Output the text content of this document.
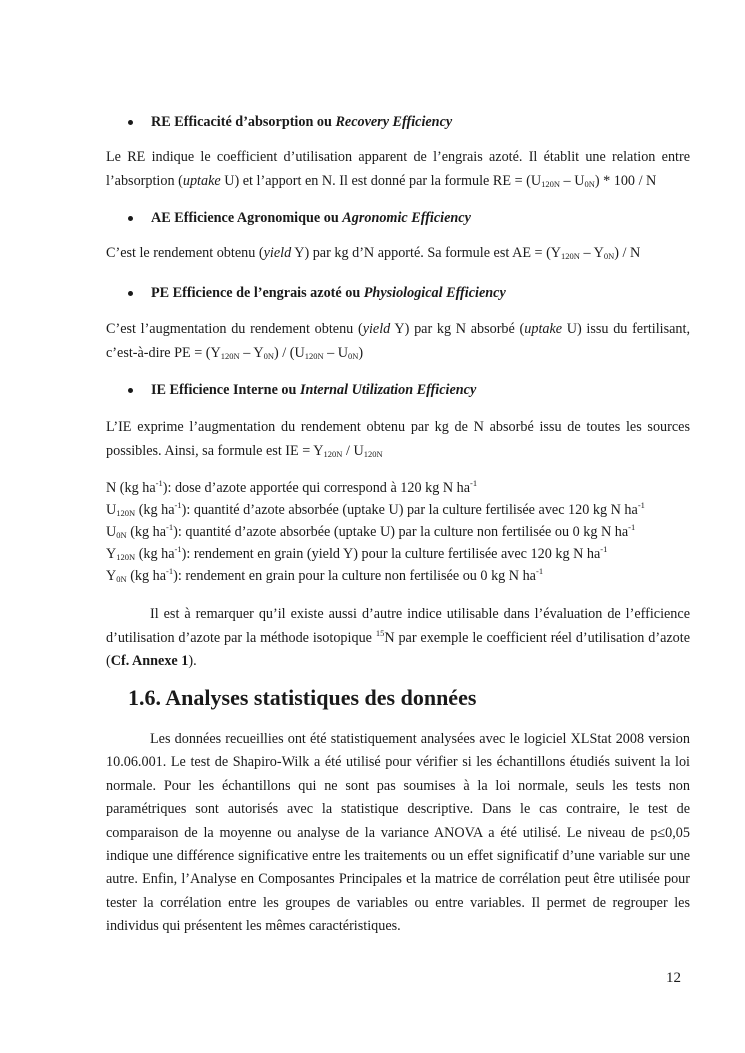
RE Efficacité d’absorption ou Recovery Efficiency

Le RE indique le coefficient d’utilisation apparent de l’engrais azoté. Il établit une relation entre l’absorption (uptake U) et l’apport en N. Il est donné par la formule RE = $(U_{120N} - U_{0N}) * 100$ / N

AE Efficience Agronomique ou Agronomic Efficiency

C’est le rendement obtenu (yield Y) par kg d’N apporté. Sa formule est AE = $(Y_{120N} - Y_{0N})$ / N

PE Efficience de l’engrais azoté ou Physiological Efficiency

C’est l’augmentation du rendement obtenu (yield Y) par kg N absorbé (uptake U) issu du fertilisant, c’est-à-dire PE = $(Y_{120N} - Y_{0N}) / (U_{120N} - U_{0N})$

IE Efficience Interne ou Internal Utilization Efficiency

L’IE exprime l’augmentation du rendement obtenu par kg de N absorbé issu de toutes les sources possibles. Ainsi, sa formule est IE = $Y_{120N} / U_{120N}$

N (kg $ha^{-1}$): dose d’azote apportée qui correspond à 120 kg N $ha^{-1}$
$U_{120N}$ (kg $ha^{-1}$): quantité d’azote absorbée (uptake U) par la culture fertilisée avec 120 kg N $ha^{-1}$
$U_{0N}$ (kg $ha^{-1}$): quantité d’azote absorbée (uptake U) par la culture non fertilisée ou 0 kg N $ha^{-1}$
$Y_{120N}$ (kg $ha^{-1}$): rendement en grain (yield Y) pour la culture fertilisée avec 120 kg N $ha^{-1}$
$Y_{0N}$ (kg $ha^{-1}$): rendement en grain pour la culture non fertilisée ou 0 kg N $ha^{-1}$

Il est à remarquer qu’il existe aussi d’autre indice utilisable dans l’évaluation de l’efficience d’utilisation d’azote par la méthode isotopique $^{15}$N par exemple le coefficient réel d’utilisation d’azote (Cf. Annexe 1).

1.6. Analyses statistiques des données

Les données recueillies ont été statistiquement analysées avec le logiciel XLStat 2008 version 10.06.001. Le test de Shapiro-Wilk a été utilisé pour vérifier si les échantillons étudiés suivent la loi normale. Pour les échantillons qui ne sont pas soumises à la loi normale, seuls les tests non paramétriques sont autorisés avec la statistique descriptive. Dans le cas contraire, le test de comparaison de la moyenne ou analyse de la variance ANOVA a été utilisé. Le niveau de p≤0,05 indique une différence significative entre les traitements ou un effet significatif d’une variable sur une autre. Enfin, l’Analyse en Composantes Principales et la matrice de corrélation peut être utilisée pour tester la corrélation entre les groupes de variables ou entre variables. Il permet de regrouper les individus qui présentent les mêmes caractéristiques.

12
